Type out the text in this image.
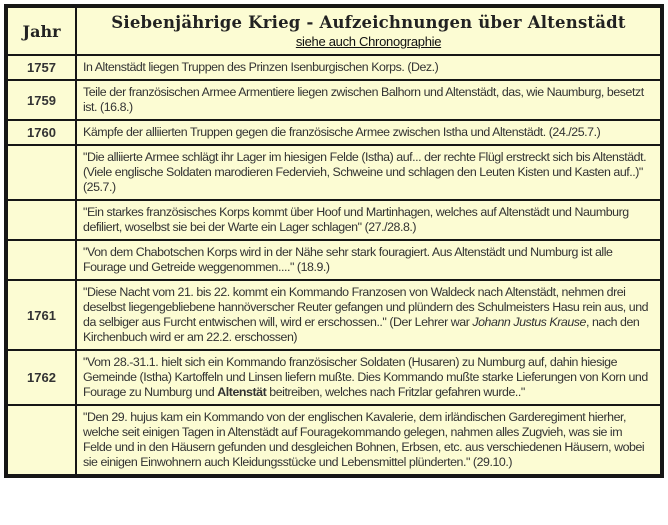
Jahr	Siebenjährige Krieg - Aufzeichnungen über Altenstädt
siehe auch Chronographie

1757	In Altenstädt liegen Truppen des Prinzen Isenburgischen Korps. (Dez.)
1759	Teile der französischen Armee Armentiere liegen zwischen Balhorn und Altenstädt, das, wie Naumburg, besetzt ist. (16.8.)
1760	Kämpfe der alliierten Truppen gegen die französische Armee zwischen Istha und Altenstädt. (24./25.7.)
	"Die alliierte Armee schlägt ihr Lager im hiesigen Felde (Istha) auf... der rechte Flügl erstreckt sich bis Altenstädt. (Viele englische Soldaten marodieren Federvieh, Schweine und schlagen den Leuten Kisten und Kasten auf..)" (25.7.)
	"Ein starkes französisches Korps kommt über Hoof und Martinhagen, welches auf Altenstädt und Naumburg defiliert, woselbst sie bei der Warte ein Lager schlagen" (27./28.8.)
	"Von dem Chabotschen Korps wird in der Nähe sehr stark fouragiert. Aus Altenstädt und Numburg ist alle Fourage und Getreide weggenommen...." (18.9.)
1761	"Diese Nacht vom 21. bis 22. kommt ein Kommando Franzosen von Waldeck nach Altenstädt, nehmen drei deselbst liegengebliebene hannöverscher Reuter gefangen und plündern des Schulmeisters Hasu rein aus, und da selbiger aus Furcht entwischen will, wird er erschossen.." (Der Lehrer war Johann Justus Krause, nach den Kirchenbuch wird er am 22.2. erschossen)
1762	"Vom 28.-31.1. hielt sich ein Kommando französischer Soldaten (Husaren) zu Numburg auf, dahin hiesige Gemeinde (Istha) Kartoffeln und Linsen liefern mußte. Dies Kommando mußte starke Lieferungen von Korn und Fourage zu Numburg und Altenstät beitreiben, welches nach Fritzlar gefahren wurde.."
	"Den 29. hujus kam ein Kommando von der englischen Kavalerie, dem irländischen Garderegiment hierher, welche seit einigen Tagen in Altenstädt auf Fouragekommando gelegen, nahmen alles Zugvieh, was sie im Felde und in den Häusern gefunden und desgleichen Bohnen, Erbsen, etc. aus verschiedenen Häusern, wobei sie einigen Einwohnern auch Kleidungsstücke und Lebensmittel plünderten." (29.10.)
